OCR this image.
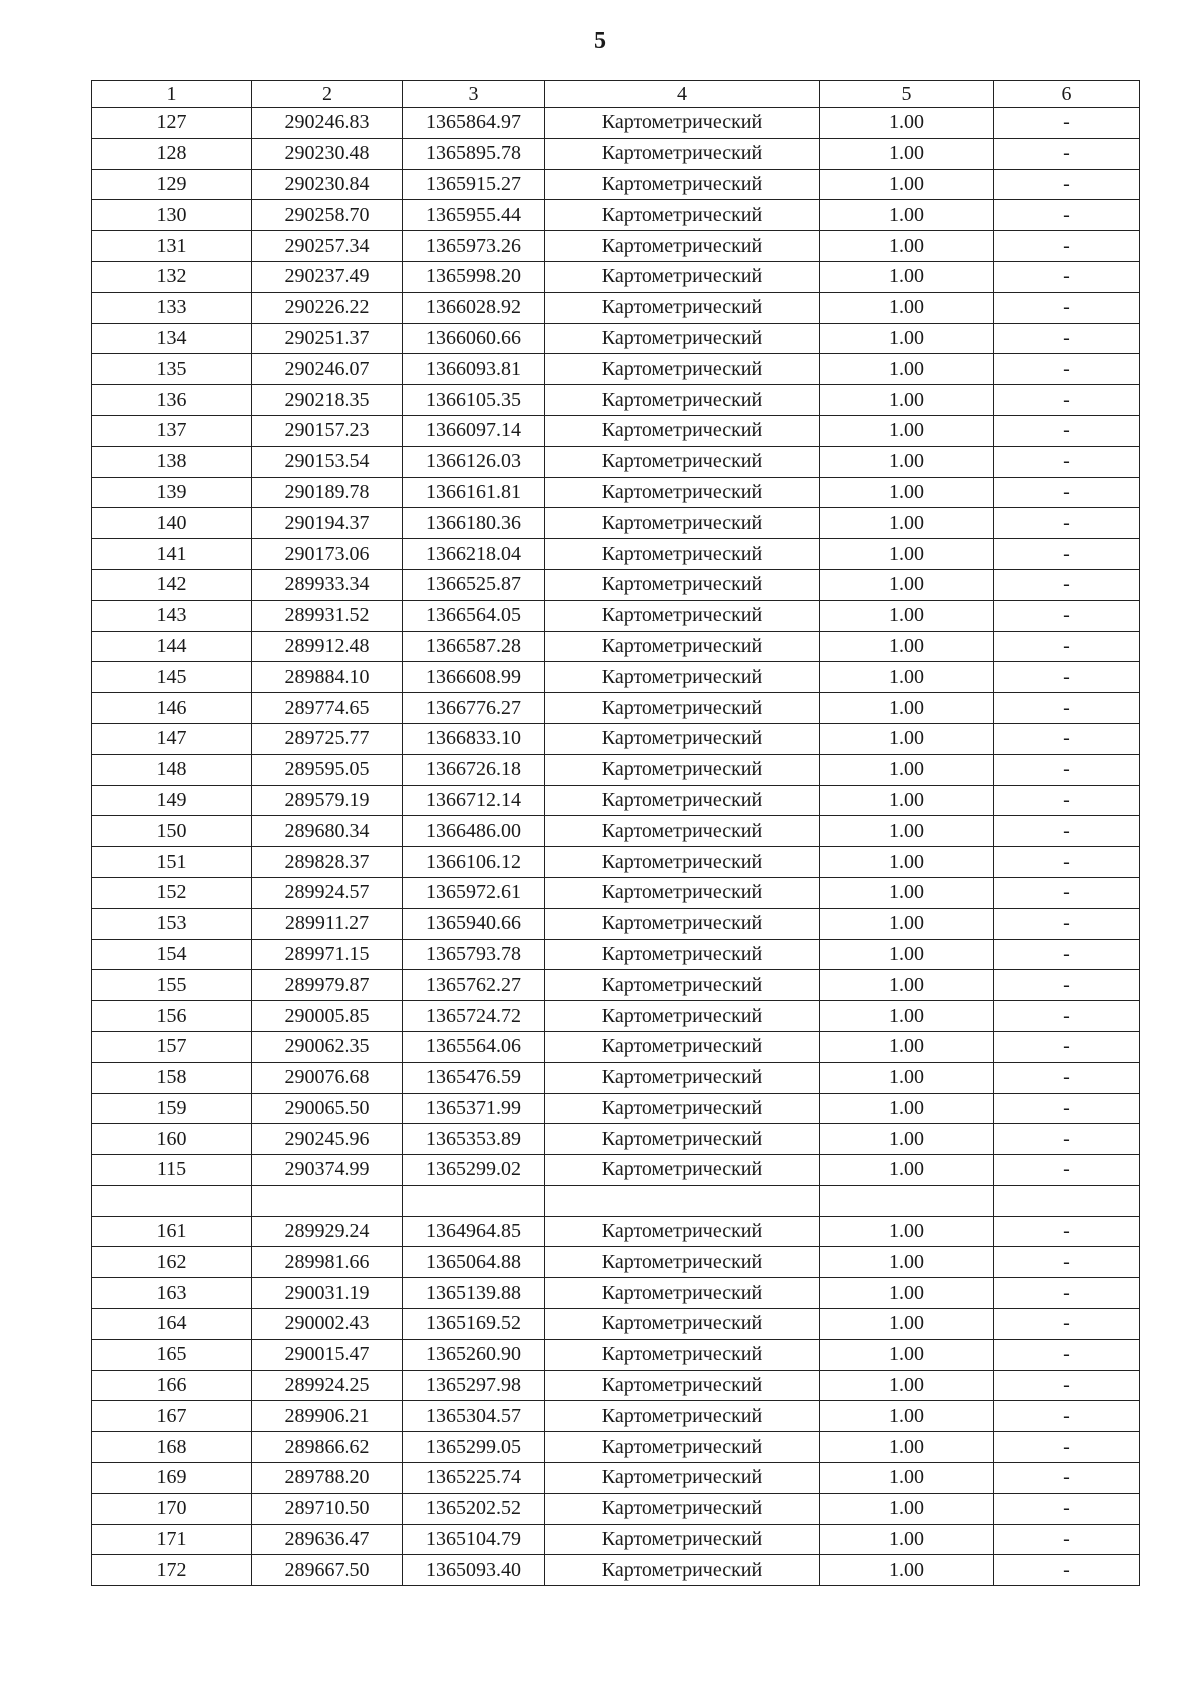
5
1	2	3	4	5	6
127	290246.83	1365864.97	Картометрический	1.00	-
128	290230.48	1365895.78	Картометрический	1.00	-
129	290230.84	1365915.27	Картометрический	1.00	-
130	290258.70	1365955.44	Картометрический	1.00	-
131	290257.34	1365973.26	Картометрический	1.00	-
132	290237.49	1365998.20	Картометрический	1.00	-
133	290226.22	1366028.92	Картометрический	1.00	-
134	290251.37	1366060.66	Картометрический	1.00	-
135	290246.07	1366093.81	Картометрический	1.00	-
136	290218.35	1366105.35	Картометрический	1.00	-
137	290157.23	1366097.14	Картометрический	1.00	-
138	290153.54	1366126.03	Картометрический	1.00	-
139	290189.78	1366161.81	Картометрический	1.00	-
140	290194.37	1366180.36	Картометрический	1.00	-
141	290173.06	1366218.04	Картометрический	1.00	-
142	289933.34	1366525.87	Картометрический	1.00	-
143	289931.52	1366564.05	Картометрический	1.00	-
144	289912.48	1366587.28	Картометрический	1.00	-
145	289884.10	1366608.99	Картометрический	1.00	-
146	289774.65	1366776.27	Картометрический	1.00	-
147	289725.77	1366833.10	Картометрический	1.00	-
148	289595.05	1366726.18	Картометрический	1.00	-
149	289579.19	1366712.14	Картометрический	1.00	-
150	289680.34	1366486.00	Картометрический	1.00	-
151	289828.37	1366106.12	Картометрический	1.00	-
152	289924.57	1365972.61	Картометрический	1.00	-
153	289911.27	1365940.66	Картометрический	1.00	-
154	289971.15	1365793.78	Картометрический	1.00	-
155	289979.87	1365762.27	Картометрический	1.00	-
156	290005.85	1365724.72	Картометрический	1.00	-
157	290062.35	1365564.06	Картометрический	1.00	-
158	290076.68	1365476.59	Картометрический	1.00	-
159	290065.50	1365371.99	Картометрический	1.00	-
160	290245.96	1365353.89	Картометрический	1.00	-
115	290374.99	1365299.02	Картометрический	1.00	-

161	289929.24	1364964.85	Картометрический	1.00	-
162	289981.66	1365064.88	Картометрический	1.00	-
163	290031.19	1365139.88	Картометрический	1.00	-
164	290002.43	1365169.52	Картометрический	1.00	-
165	290015.47	1365260.90	Картометрический	1.00	-
166	289924.25	1365297.98	Картометрический	1.00	-
167	289906.21	1365304.57	Картометрический	1.00	-
168	289866.62	1365299.05	Картометрический	1.00	-
169	289788.20	1365225.74	Картометрический	1.00	-
170	289710.50	1365202.52	Картометрический	1.00	-
171	289636.47	1365104.79	Картометрический	1.00	-
172	289667.50	1365093.40	Картометрический	1.00	-
